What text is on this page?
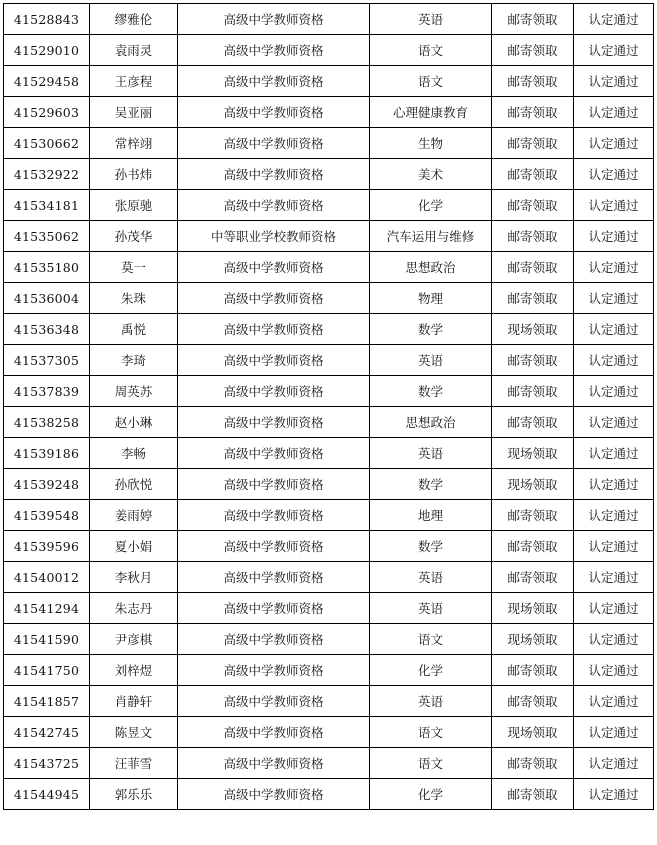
41528843	缪雅伦	高级中学教师资格	英语	邮寄领取	认定通过
41529010	袁雨灵	高级中学教师资格	语文	邮寄领取	认定通过
41529458	王彦程	高级中学教师资格	语文	邮寄领取	认定通过
41529603	吴亚丽	高级中学教师资格	心理健康教育	邮寄领取	认定通过
41530662	常梓翊	高级中学教师资格	生物	邮寄领取	认定通过
41532922	孙书炜	高级中学教师资格	美术	邮寄领取	认定通过
41534181	张原驰	高级中学教师资格	化学	邮寄领取	认定通过
41535062	孙茂华	中等职业学校教师资格	汽车运用与维修	邮寄领取	认定通过
41535180	莫一	高级中学教师资格	思想政治	邮寄领取	认定通过
41536004	朱珠	高级中学教师资格	物理	邮寄领取	认定通过
41536348	禹悦	高级中学教师资格	数学	现场领取	认定通过
41537305	李琦	高级中学教师资格	英语	邮寄领取	认定通过
41537839	周英苏	高级中学教师资格	数学	邮寄领取	认定通过
41538258	赵小琳	高级中学教师资格	思想政治	邮寄领取	认定通过
41539186	李畅	高级中学教师资格	英语	现场领取	认定通过
41539248	孙欣悦	高级中学教师资格	数学	现场领取	认定通过
41539548	姜雨婷	高级中学教师资格	地理	邮寄领取	认定通过
41539596	夏小娟	高级中学教师资格	数学	邮寄领取	认定通过
41540012	李秋月	高级中学教师资格	英语	邮寄领取	认定通过
41541294	朱志丹	高级中学教师资格	英语	现场领取	认定通过
41541590	尹彦棋	高级中学教师资格	语文	现场领取	认定通过
41541750	刘梓煜	高级中学教师资格	化学	邮寄领取	认定通过
41541857	肖静轩	高级中学教师资格	英语	邮寄领取	认定通过
41542745	陈昱文	高级中学教师资格	语文	现场领取	认定通过
41543725	汪菲雪	高级中学教师资格	语文	邮寄领取	认定通过
41544945	郭乐乐	高级中学教师资格	化学	邮寄领取	认定通过
